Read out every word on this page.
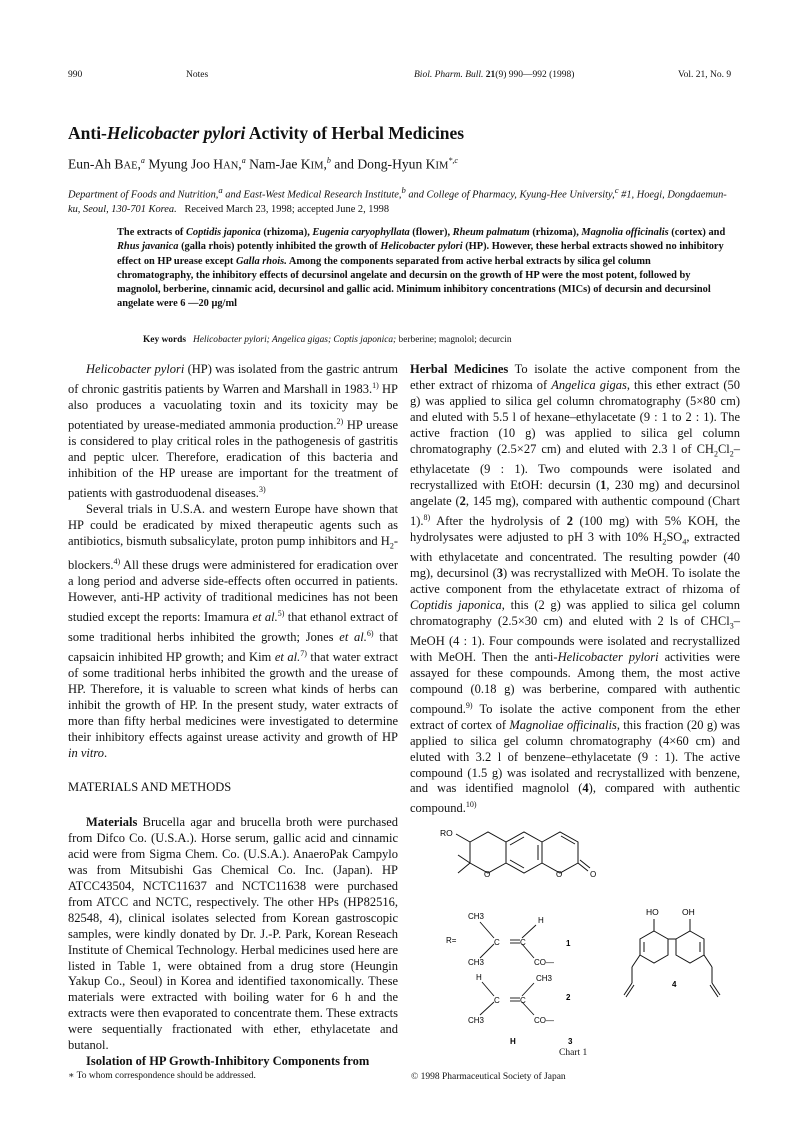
990	Notes	Biol. Pharm. Bull. 21(9) 990—992 (1998)	Vol. 21, No. 9
Anti-Helicobacter pylori Activity of Herbal Medicines
Eun-Ah BAE,$^a$ Myung Joo HAN,$^a$ Nam-Jae KIM,$^b$ and Dong-Hyun $KIM^{*,c}$
Department of Foods and Nutrition,$^a$ and East-West Medical Research Institute,$^b$ and College of Pharmacy, Kyung-Hee University,$^c$ #1, Hoegi, Dongdaemun-ku, Seoul, 130-701 Korea. Received March 23, 1998; accepted June 2, 1998
The extracts of Coptidis japonica (rhizoma), Eugenia caryophyllata (flower), Rheum palmatum (rhizoma), Magnolia officinalis (cortex) and Rhus javanica (galla rhois) potently inhibited the growth of Helicobacter pylori (HP). However, these herbal extracts showed no inhibitory effect on HP urease except Galla rhois. Among the components separated from active herbal extracts by silica gel column chromatography, the inhibitory effects of decursinol angelate and decursin on the growth of HP were the most potent, followed by magnolol, berberine, cinnamic acid, decursinol and gallic acid. Minimum inhibitory concentrations (MICs) of decursin and decursinol angelate were 6 —20 μg/ml
Key words Helicobacter pylori; Angelica gigas; Coptis japonica; berberine; magnolol; decurcin

Helicobacter pylori (HP) was isolated from the gastric antrum of chronic gastritis patients by Warren and Marshall in 1983.$^{1)}$ HP also produces a vacuolating toxin and its toxicity may be potentiated by urease-mediated ammonia production.$^{2)}$ HP urease is considered to play critical roles in the pathogenesis of gastritis and peptic ulcer. Therefore, eradication of this bacteria and inhibition of the HP urease are important for the treatment of patients with gastroduodenal diseases.$^{3)}$

Several trials in U.S.A. and western Europe have shown that HP could be eradicated by mixed therapeutic agents such as antibiotics, bismuth subsalicylate, proton pump inhibitors and $H_2-blockers.^{4)}$ All these drugs were administered for eradication over a long period and adverse side-effects often occurred in patients. However, anti-HP activity of traditional medicines has not been studied except the reports: Imamura et al.$^{5)}$ that ethanol extract of some traditional herbs inhibited the growth; Jones et al.$^{6)}$ that capsaicin inhibited HP growth; and Kim et al.$^{7)}$ that water extract of some traditional herbs inhibited the growth and the urease of HP. Therefore, it is valuable to screen what kinds of herbs can inhibit the growth of HP. In the present study, water extracts of more than fifty herbal medicines were investigated to determine their inhibitory effects against urease activity and growth of HP in vitro.

MATERIALS AND METHODS

Materials Brucella agar and brucella broth were purchased from Difco Co. (U.S.A.). Horse serum, gallic acid and cinnamic acid were from Sigma Chem. Co. (U.S.A.). AnaeroPak Campylo was from Mitsubishi Gas Chemical Co. Inc. (Japan). HP ATCC43504, NCTC11637 and NCTC11638 were purchased from ATCC and NCTC, respectively. The other HPs (HP82516, 82548, 4), clinical isolates selected from Korean gastroscopic samples, were kindly donated by Dr. J.-P. Park, Korean Reseach Institute of Chemical Technology. Herbal medicines used here are listed in Table 1, were obtained from a drug store (Heungin Yakup Co., Seoul) in Korea and identified taxonomically. These materials were extracted with boiling water for 6 h and the extracts were then evaporated to concentrate them. These extracts were sequentially fractionated with ether, ethylacetate and butanol.

Isolation of HP Growth-Inhibitory Components from

Herbal Medicines To isolate the active component from the ether extract of rhizoma of Angelica gigas, this ether extract (50 g) was applied to silica gel column chromatography (5×80 cm) and eluted with 5.5 l of hexane–ethylacetate (9 : 1 to 2 : 1). The active fraction (10 g) was applied to silica gel column chromatography (2.5×27 cm) and eluted with 2.3 l of $CH_2Cl_2$–ethylacetate (9 : 1). Two compounds were isolated and recrystallized with EtOH: decursin (1, 230 mg) and decursinol angelate (2, 145 mg), compared with authentic compound (Chart 1).$^{8)}$ After the hydrolysis of 2 (100 mg) with 5% KOH, the hydrolysates were adjusted to pH 3 with 10% $H_2SO_4$, extracted with ethylacetate and concentrated. The resulting powder (40 mg), decursinol (3) was recrystallized with MeOH. To isolate the active component from the ethylacetate extract of rhizoma of Coptidis japonica, this (2 g) was applied to silica gel column chromatography (2.5×30 cm) and eluted with 2 ls of CHCl$_3$–MeOH (4 : 1). Four compounds were isolated and recrystallized with MeOH. Then the anti-Helicobacter pylori activities were assayed for these compounds. Among them, the most active compound (0.18 g) was berberine, compared with authentic compound.$^{9)}$ To isolate the active component from the ether extract of cortex of Magnoliae officinalis, this fraction (20 g) was applied to silica gel column chromatography (4×60 cm) and eluted with 3.2 l of benzene–ethylacetate (9 : 1). The active compound (1.5 g) was isolated and recrystallized with benzene, and was identified magnolol (4), compared with authentic compound.$^{10)}$

RO
O	O	O
R=
CH3	H
CH3	CO—
C	C	1
H	CH3
CH3	CO—
C	C	2
H	3
HO	OH
4
Chart 1
∗ To whom correspondence should be addressed.	© 1998 Pharmaceutical Society of Japan
